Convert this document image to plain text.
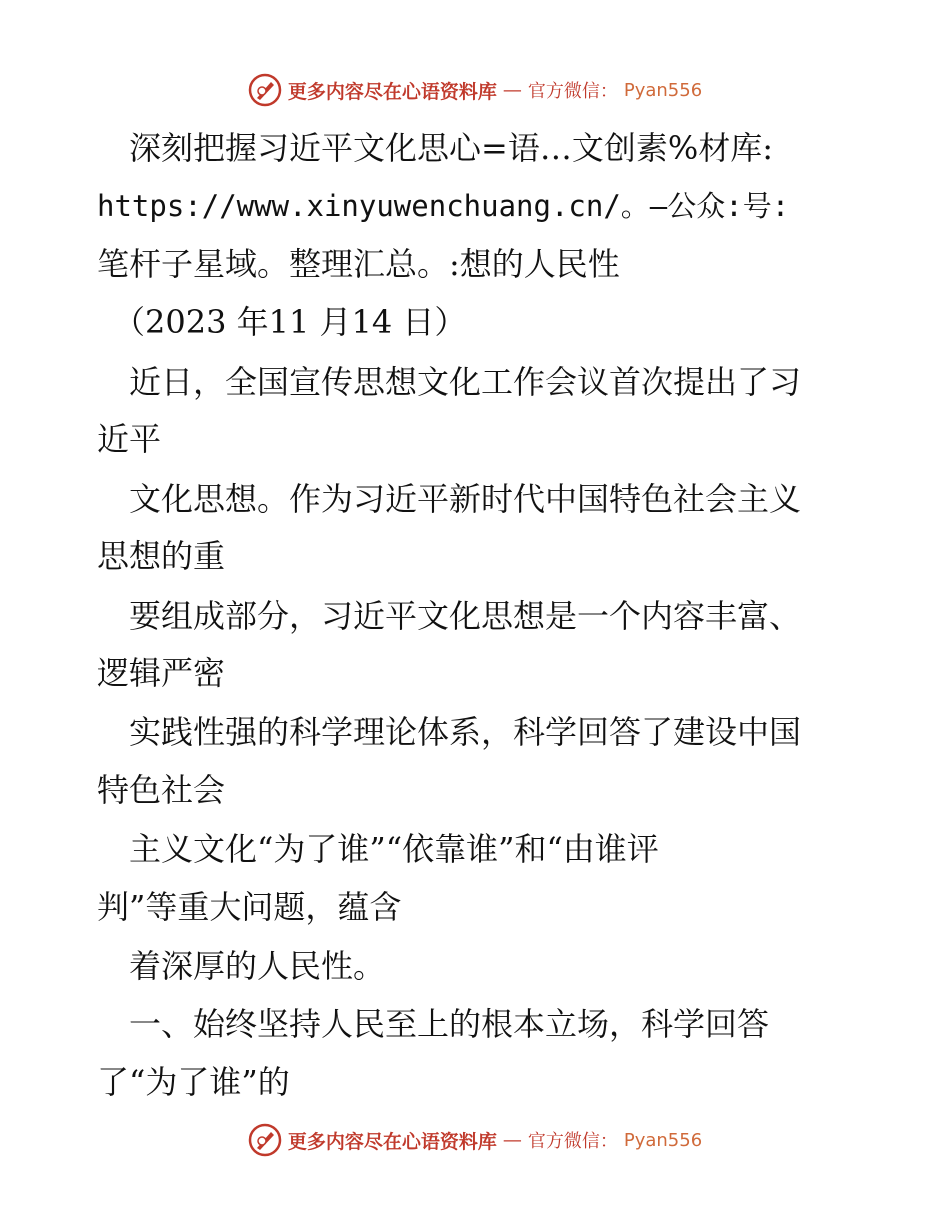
更多内容尽在心语资料库 — 官方微信： Pyan556
　深刻把握习近平文化思心=语…文创素%材库:
https://www.xinyuwenchuang.cn/。—公众:号:
笔杆子星域。整理汇总。:想的人民性
　（2023 年11 月14 日）
　近日，全国宣传思想文化工作会议首次提出了习
近平
　文化思想。作为习近平新时代中国特色社会主义
思想的重
　要组成部分，习近平文化思想是一个内容丰富、
逻辑严密
　实践性强的科学理论体系，科学回答了建设中国
特色社会
　主义文化“为了谁”“依靠谁”和“由谁评
判”等重大问题，蕴含
　着深厚的人民性。
　一、始终坚持人民至上的根本立场，科学回答
了“为了谁”的
更多内容尽在心语资料库 — 官方微信： Pyan556
